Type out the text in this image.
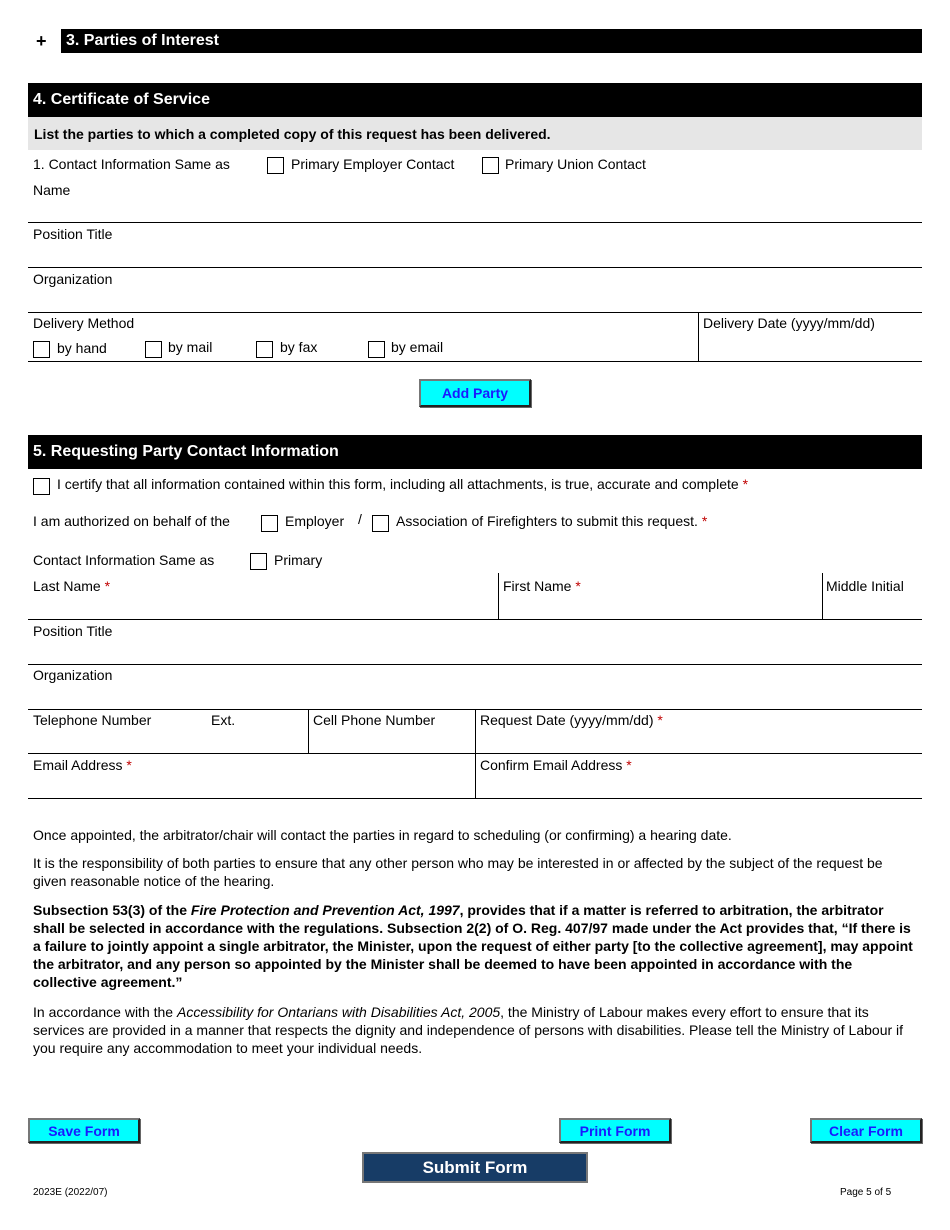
+	3. Parties of Interest
4. Certificate of Service
List the parties to which a completed copy of this request has been delivered.
1. Contact Information Same as	Primary Employer Contact	Primary Union Contact
Name
Position Title
Organization
Delivery Method
by hand	by mail	by fax	by email
Delivery Date (yyyy/mm/dd)
Add Party
5. Requesting Party Contact Information
I certify that all information contained within this form, including all attachments, is true, accurate and complete *
I am authorized on behalf of the	Employer / Association of Firefighters to submit this request. *
Contact Information Same as	Primary
Last Name *	First Name *	Middle Initial
Position Title
Organization
Telephone Number	Ext.	Cell Phone Number	Request Date (yyyy/mm/dd) *
Email Address *	Confirm Email Address *
Once appointed, the arbitrator/chair will contact the parties in regard to scheduling (or confirming) a hearing date.
It is the responsibility of both parties to ensure that any other person who may be interested in or affected by the subject of the request be given reasonable notice of the hearing.
Subsection 53(3) of the Fire Protection and Prevention Act, 1997, provides that if a matter is referred to arbitration, the arbitrator shall be selected in accordance with the regulations. Subsection 2(2) of O. Reg. 407/97 made under the Act provides that, “If there is a failure to jointly appoint a single arbitrator, the Minister, upon the request of either party [to the collective agreement], may appoint the arbitrator, and any person so appointed by the Minister shall be deemed to have been appointed in accordance with the collective agreement.”
In accordance with the Accessibility for Ontarians with Disabilities Act, 2005, the Ministry of Labour makes every effort to ensure that its services are provided in a manner that respects the dignity and independence of persons with disabilities. Please tell the Ministry of Labour if you require any accommodation to meet your individual needs.
Save Form	Print Form	Clear Form
Submit Form
2023E (2022/07)	Page 5 of 5
